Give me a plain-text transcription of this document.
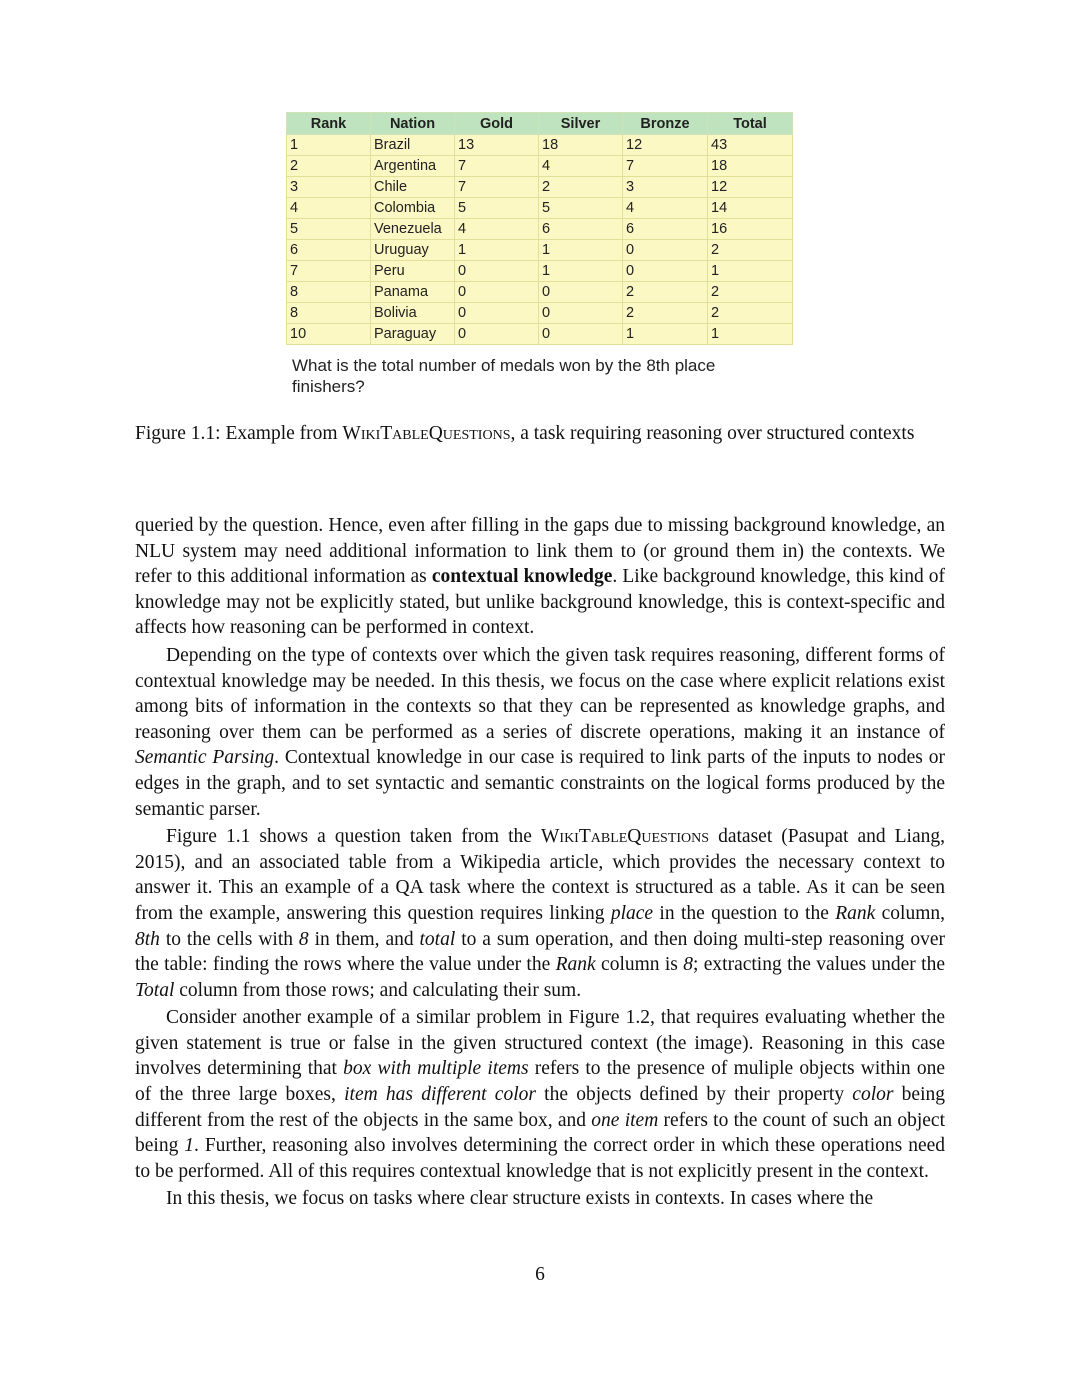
Rank	Nation	Gold	Silver	Bronze	Total
1	Brazil	13	18	12	43
2	Argentina	7	4	7	18
3	Chile	7	2	3	12
4	Colombia	5	5	4	14
5	Venezuela	4	6	6	16
6	Uruguay	1	1	0	2
7	Peru	0	1	0	1
8	Panama	0	0	2	2
8	Bolivia	0	0	2	2
10	Paraguay	0	0	1	1
What is the total number of medals won by the 8th place finishers?
Figure 1.1: Example from WikiTableQuestions, a task requiring reasoning over structured contexts

queried by the question. Hence, even after filling in the gaps due to missing background knowledge, an NLU system may need additional information to link them to (or ground them in) the contexts. We refer to this additional information as contextual knowledge. Like background knowledge, this kind of knowledge may not be explicitly stated, but unlike background knowledge, this is context-specific and affects how reasoning can be performed in context.

Depending on the type of contexts over which the given task requires reasoning, different forms of contextual knowledge may be needed. In this thesis, we focus on the case where explicit relations exist among bits of information in the contexts so that they can be represented as knowledge graphs, and reasoning over them can be performed as a series of discrete operations, making it an instance of Semantic Parsing. Contextual knowledge in our case is required to link parts of the inputs to nodes or edges in the graph, and to set syntactic and semantic constraints on the logical forms produced by the semantic parser.

Figure 1.1 shows a question taken from the WikiTableQuestions dataset (Pasupat and Liang, 2015), and an associated table from a Wikipedia article, which provides the necessary context to answer it. This an example of a QA task where the context is structured as a table. As it can be seen from the example, answering this question requires linking place in the question to the Rank column, 8th to the cells with 8 in them, and total to a sum operation, and then doing multi-step reasoning over the table: finding the rows where the value under the Rank column is 8; extracting the values under the Total column from those rows; and calculating their sum.

Consider another example of a similar problem in Figure 1.2, that requires evaluating whether the given statement is true or false in the given structured context (the image). Reasoning in this case involves determining that box with multiple items refers to the presence of muliple objects within one of the three large boxes, item has different color the objects defined by their property color being different from the rest of the objects in the same box, and one item refers to the count of such an object being 1. Further, reasoning also involves determining the correct order in which these operations need to be performed. All of this requires contextual knowledge that is not explicitly present in the context.

In this thesis, we focus on tasks where clear structure exists in contexts. In cases where the

6
